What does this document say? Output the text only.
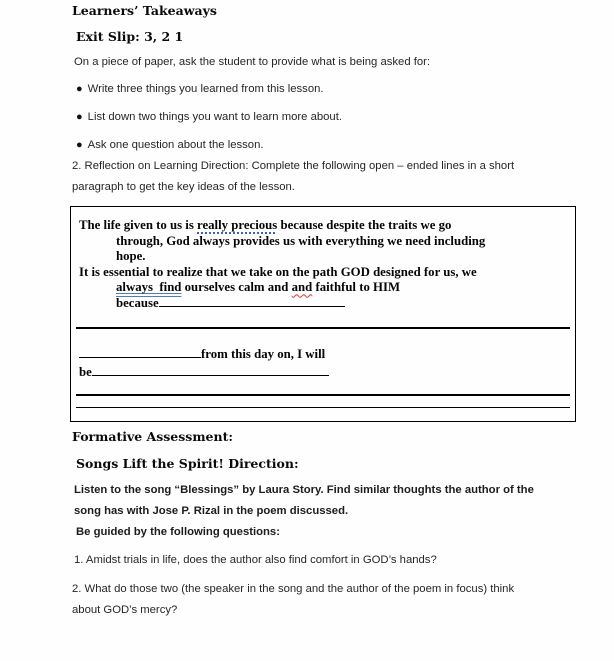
Learners’ Takeaways
Exit Slip: 3, 2 1

On a piece of paper, ask the student to provide what is being asked for:

● Write three things you learned from this lesson.
● List down two things you want to learn more about.
● Ask one question about the lesson.
2. Reflection on Learning Direction: Complete the following open – ended lines in a short
paragraph to get the key ideas of the lesson.
The life given to us is really precious because despite the traits we go
through, God always provides us with everything we need including
hope.
It is essential to realize that we take on the path GOD designed for us, we
always  find ourselves calm and and faithful to HIM
because
from this day on, I will
be
Formative Assessment:
Songs Lift the Spirit! Direction:
Listen to the song “Blessings” by Laura Story. Find similar thoughts the author of the
song has with Jose P. Rizal in the poem discussed.

Be guided by the following questions:

1. Amidst trials in life, does the author also find comfort in GOD’s hands?

2. What do those two (the speaker in the song and the author of the poem in focus) think
about GOD’s mercy?
